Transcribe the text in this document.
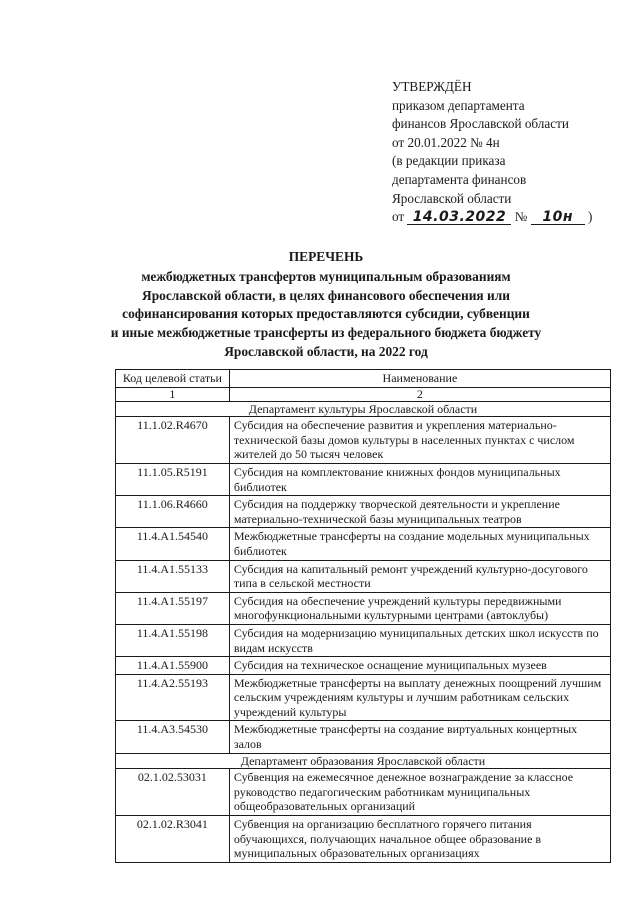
УТВЕРЖДЁН
приказом департамента
финансов Ярославской области
от 20.01.2022 № 4н
(в редакции приказа
департамента финансов
Ярославской области
от 14.03.2022 № 10н )
ПЕРЕЧЕНЬ
межбюджетных трансфертов муниципальным образованиям
Ярославской области, в целях финансового обеспечения или
софинансирования которых предоставляются субсидии, субвенции
и иные межбюджетные трансферты из федерального бюджета бюджету
Ярославской области, на 2022 год
Код целевой статьи	Наименование
1	2
Департамент культуры Ярославской области	
11.1.02.R4670	Субсидия на обеспечение развития и укрепления материально-технической базы домов культуры в населенных пунктах с числом жителей до 50 тысяч человек
11.1.05.R5191	Субсидия на комплектование книжных фондов муниципальных библиотек
11.1.06.R4660	Субсидия на поддержку творческой деятельности и укрепление материально-технической базы муниципальных театров
11.4.A1.54540	Межбюджетные трансферты на создание модельных муниципальных библиотек
11.4.A1.55133	Субсидия на капитальный ремонт учреждений культурно-досугового типа в сельской местности
11.4.A1.55197	Субсидия на обеспечение учреждений культуры передвижными многофункциональными культурными центрами (автоклубы)
11.4.A1.55198	Субсидия на модернизацию муниципальных детских школ искусств по видам искусств
11.4.A1.55900	Субсидия на техническое оснащение муниципальных музеев
11.4.A2.55193	Межбюджетные трансферты на выплату денежных поощрений лучшим сельским учреждениям культуры и лучшим работникам сельских учреждений культуры
11.4.A3.54530	Межбюджетные трансферты на создание виртуальных концертных залов
Департамент образования Ярославской области	
02.1.02.53031	Субвенция на ежемесячное денежное вознаграждение за классное руководство педагогическим работникам муниципальных общеобразовательных организаций
02.1.02.R3041	Субвенция на организацию бесплатного горячего питания обучающихся, получающих начальное общее образование в муниципальных образовательных организациях
